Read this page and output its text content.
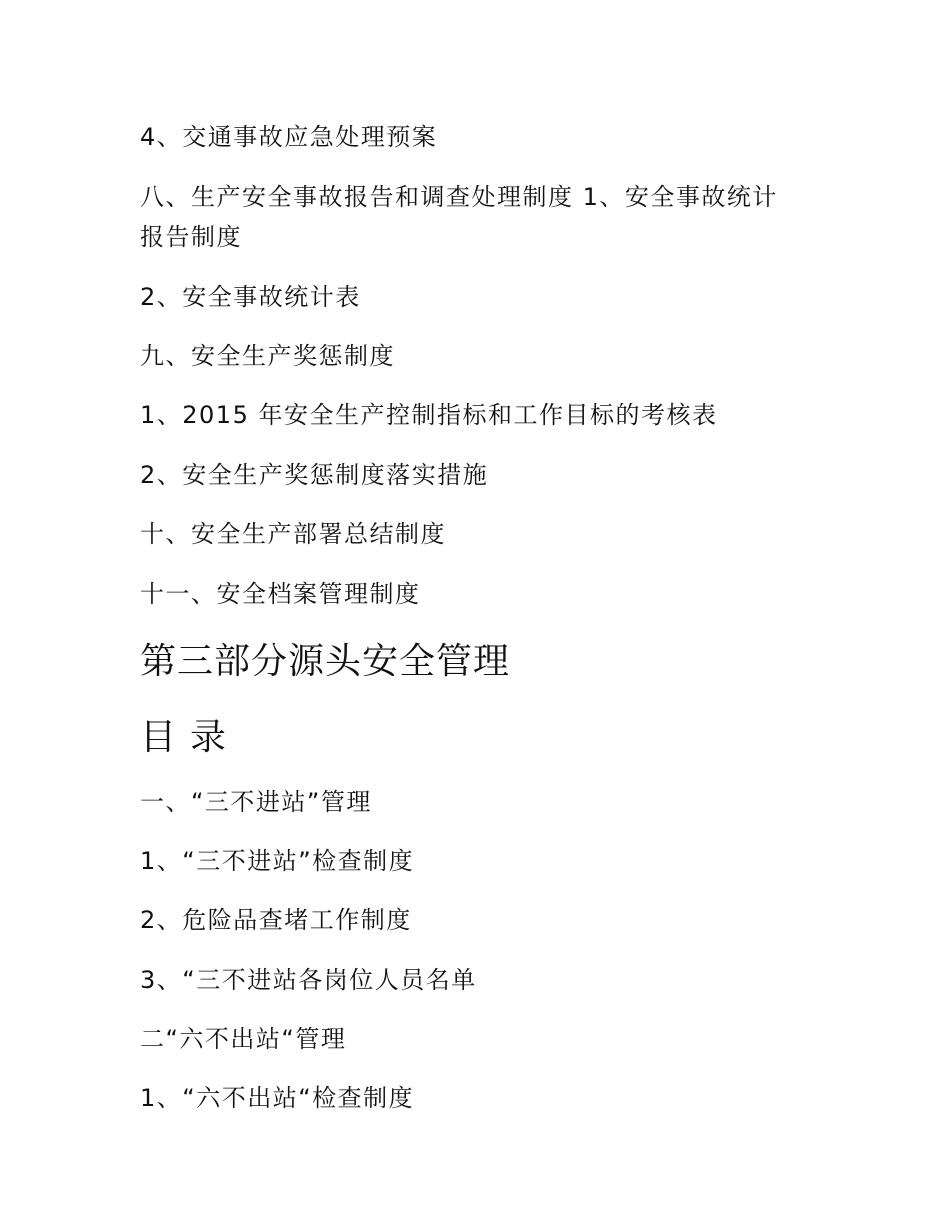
4、交通事故应急处理预案
八、生产安全事故报告和调查处理制度 1、安全事故统计报告制度
2、安全事故统计表
九、安全生产奖惩制度
1、2015 年安全生产控制指标和工作目标的考核表
2、安全生产奖惩制度落实措施
十、安全生产部署总结制度
十一、安全档案管理制度
第三部分源头安全管理
目录
一、“三不进站”管理
1、“三不进站”检查制度
2、危险品查堵工作制度
3、“三不进站各岗位人员名单
二“六不出站“管理
1、“六不出站“检查制度
